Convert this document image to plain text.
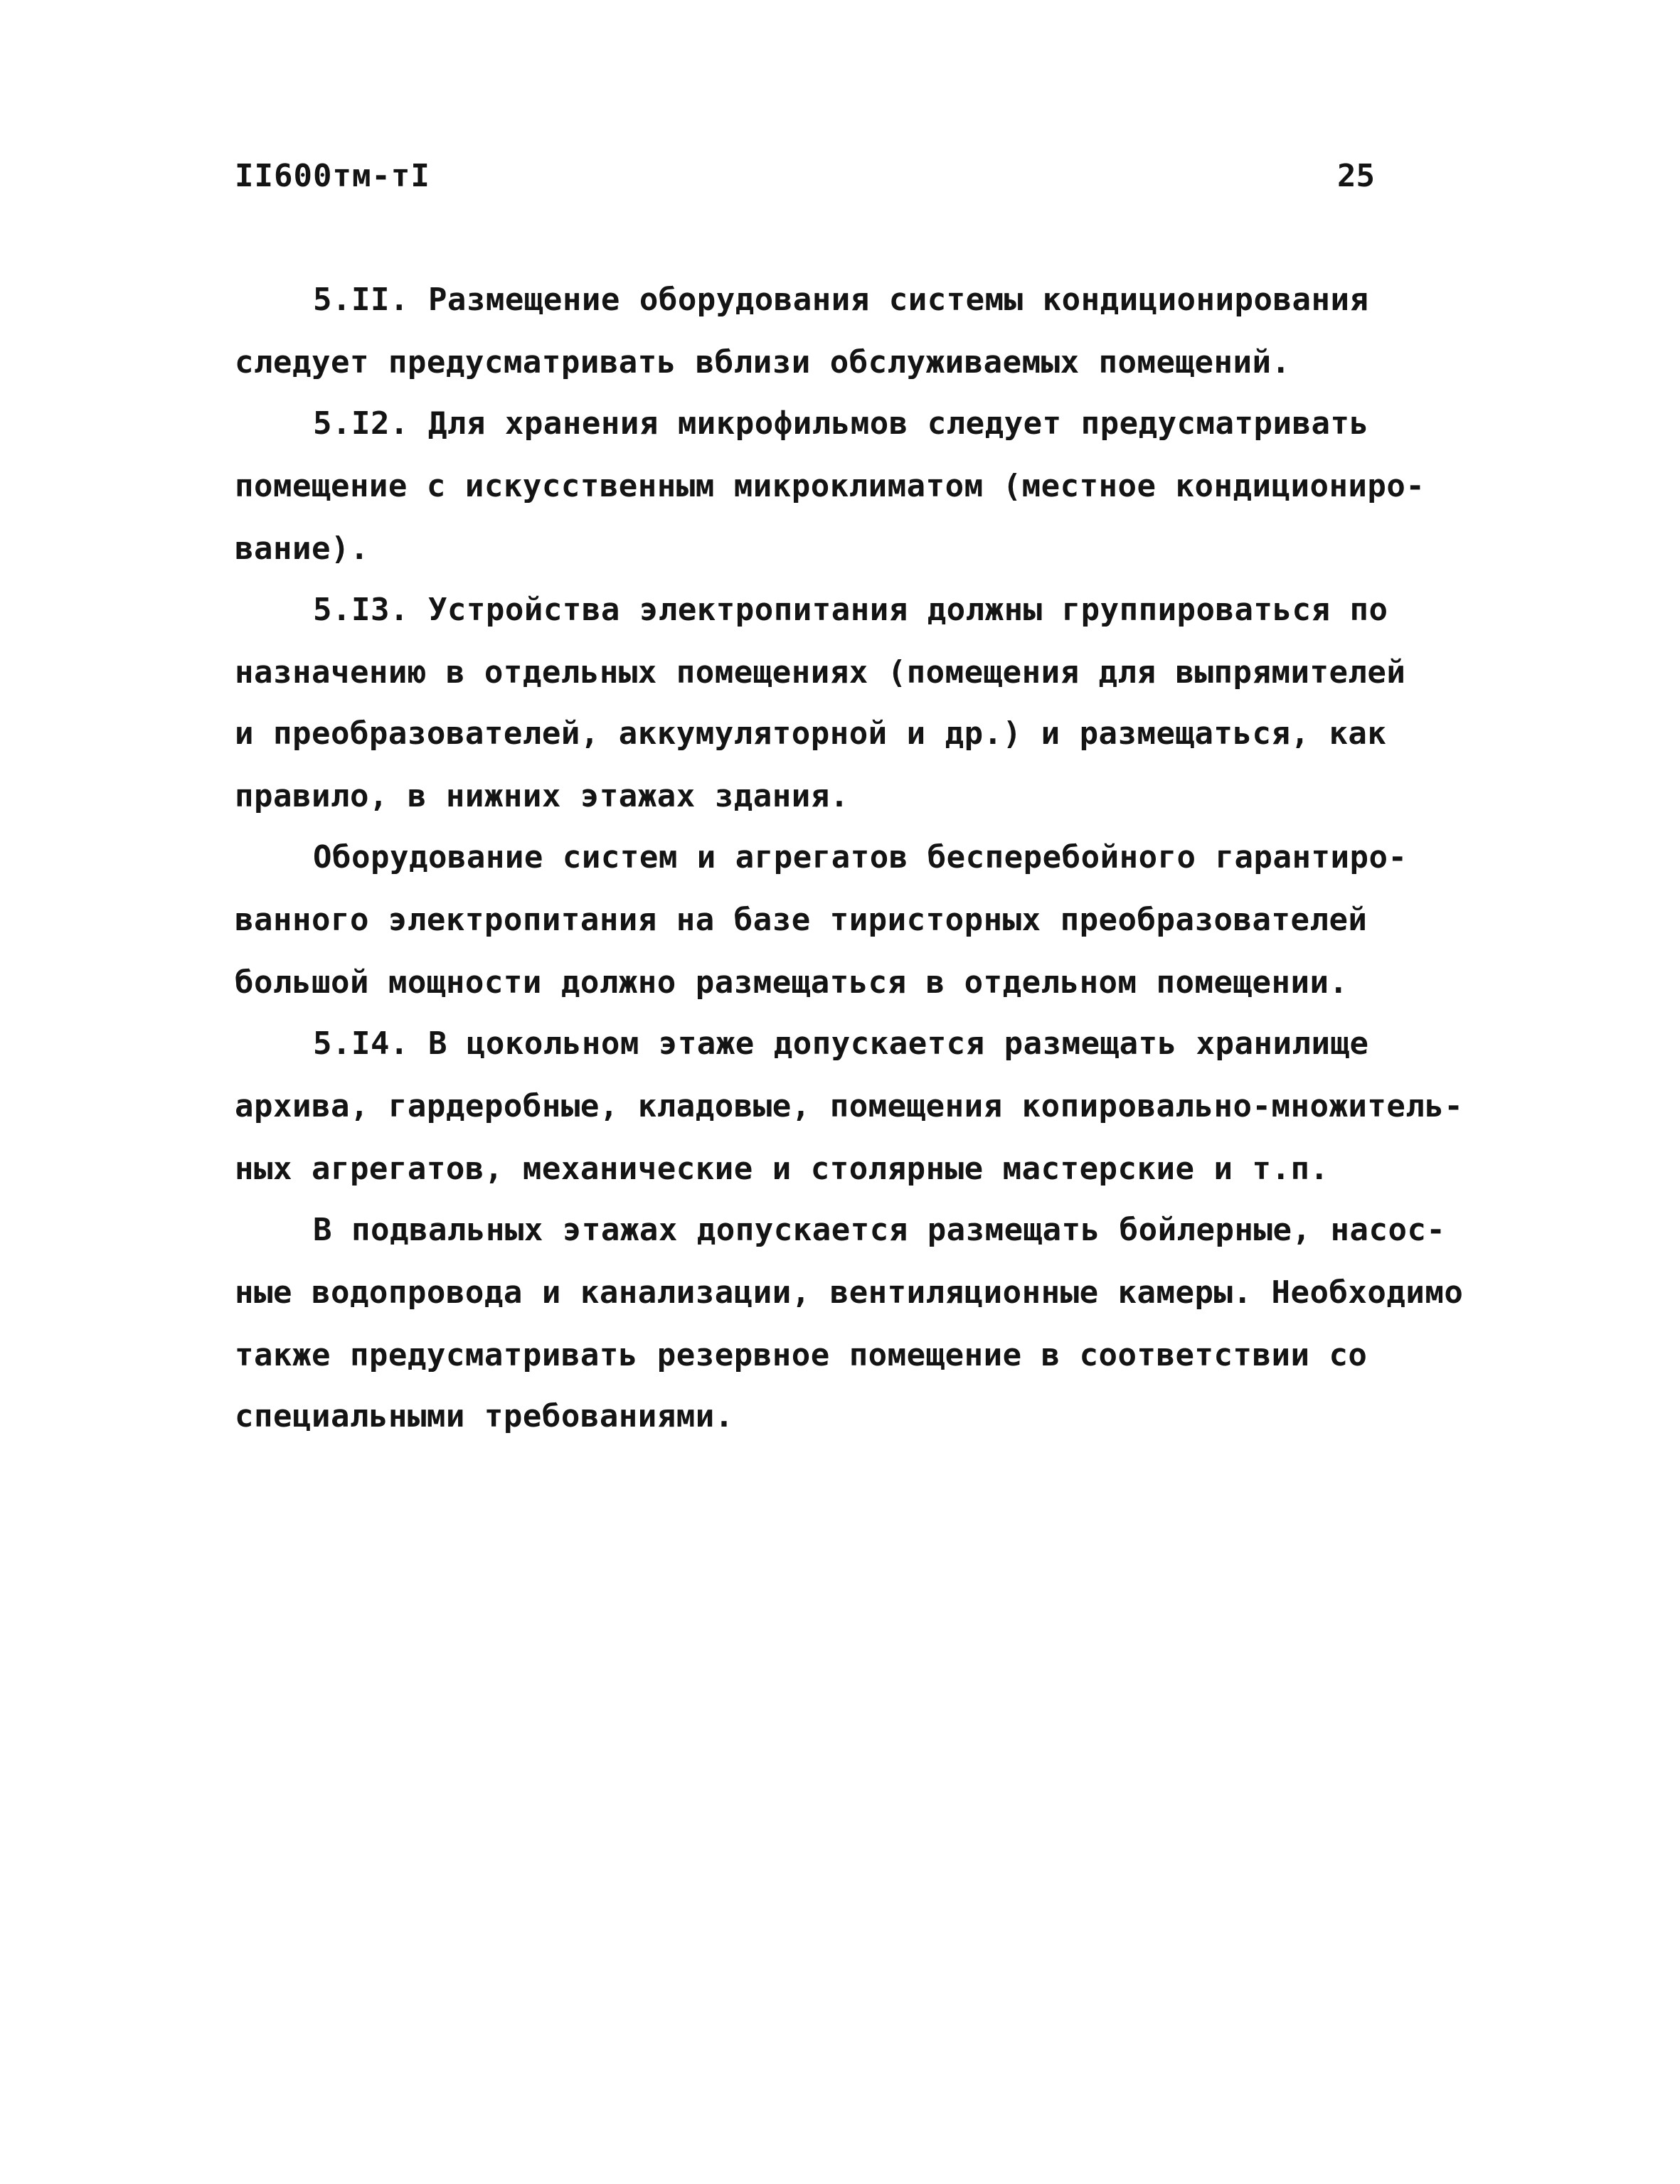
II600тм-тI	25
5.II. Размещение оборудования системы кондиционирования
следует предусматривать вблизи обслуживаемых помещений.
5.I2. Для хранения микрофильмов следует предусматривать
помещение с искусственным микроклиматом (местное кондициониро-
вание).
5.I3. Устройства электропитания должны группироваться по
назначению в отдельных помещениях (помещения для выпрямителей
и преобразователей, аккумуляторной и др.) и размещаться, как
правило, в нижних этажах здания.
Оборудование систем и агрегатов бесперебойного гарантиро-
ванного электропитания на базе тиристорных преобразователей
большой мощности должно размещаться в отдельном помещении.
5.I4. В цокольном этаже допускается размещать хранилище
архива, гардеробные, кладовые, помещения копировально-множитель-
ных агрегатов, механические и столярные мастерские и т.п.
В подвальных этажах допускается размещать бойлерные, насос-
ные водопровода и канализации, вентиляционные камеры. Необходимо
также предусматривать резервное помещение в соответствии со
специальными требованиями.
